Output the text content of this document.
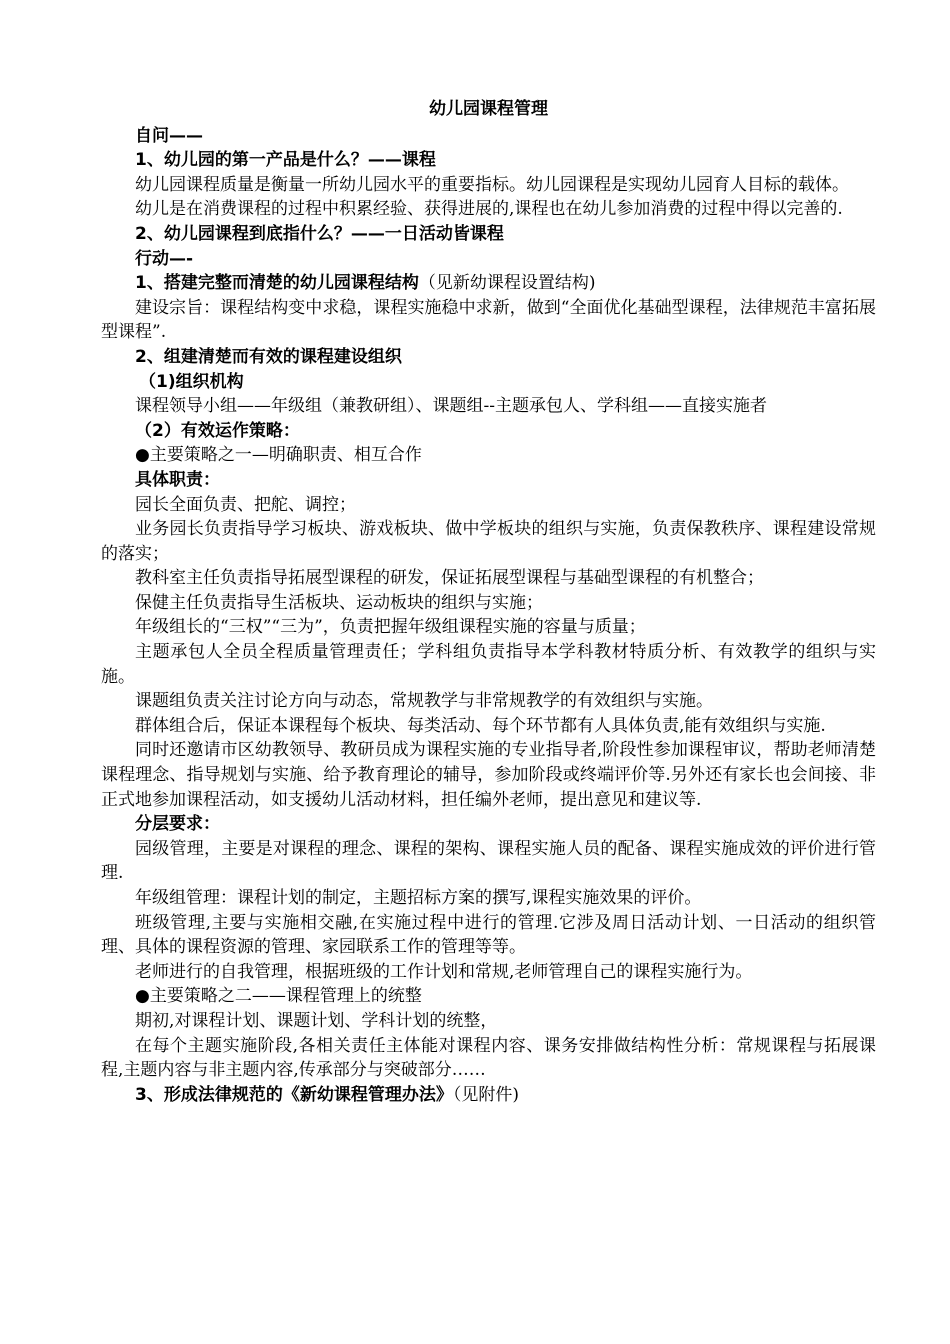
幼儿园课程管理

自问——

1、幼儿园的第一产品是什么？——课程

幼儿园课程质量是衡量一所幼儿园水平的重要指标。幼儿园课程是实现幼儿园育人目标的载体。

幼儿是在消费课程的过程中积累经验、获得进展的,课程也在幼儿参加消费的过程中得以完善的.

2、幼儿园课程到底指什么？——一日活动皆课程

行动—-

1、搭建完整而清楚的幼儿园课程结构（见新幼课程设置结构)

建设宗旨：课程结构变中求稳，课程实施稳中求新，做到“全面优化基础型课程，法律规范丰富拓展型课程”.

2、组建清楚而有效的课程建设组织

（1)组织机构

课程领导小组——年级组（兼教研组）、课题组--主题承包人、学科组——直接实施者

（2）有效运作策略：

●主要策略之一—明确职责、相互合作

具体职责：

园长全面负责、把舵、调控；

业务园长负责指导学习板块、游戏板块、做中学板块的组织与实施，负责保教秩序、课程建设常规的落实；

教科室主任负责指导拓展型课程的研发，保证拓展型课程与基础型课程的有机整合；

保健主任负责指导生活板块、运动板块的组织与实施；

年级组长的“三权”“三为”，负责把握年级组课程实施的容量与质量；

主题承包人全员全程质量管理责任；学科组负责指导本学科教材特质分析、有效教学的组织与实施。

课题组负责关注讨论方向与动态，常规教学与非常规教学的有效组织与实施。

群体组合后，保证本课程每个板块、每类活动、每个环节都有人具体负责,能有效组织与实施.

同时还邀请市区幼教领导、教研员成为课程实施的专业指导者,阶段性参加课程审议，帮助老师清楚课程理念、指导规划与实施、给予教育理论的辅导，参加阶段或终端评价等.另外还有家长也会间接、非正式地参加课程活动，如支援幼儿活动材料，担任编外老师，提出意见和建议等.

分层要求：

园级管理，主要是对课程的理念、课程的架构、课程实施人员的配备、课程实施成效的评价进行管理.

年级组管理：课程计划的制定，主题招标方案的撰写,课程实施效果的评价。

班级管理,主要与实施相交融,在实施过程中进行的管理.它涉及周日活动计划、一日活动的组织管理、具体的课程资源的管理、家园联系工作的管理等等。

老师进行的自我管理，根据班级的工作计划和常规,老师管理自己的课程实施行为。

●主要策略之二——课程管理上的统整

期初,对课程计划、课题计划、学科计划的统整，

在每个主题实施阶段,各相关责任主体能对课程内容、课务安排做结构性分析：常规课程与拓展课程,主题内容与非主题内容,传承部分与突破部分……

3、形成法律规范的《新幼课程管理办法》（见附件)
